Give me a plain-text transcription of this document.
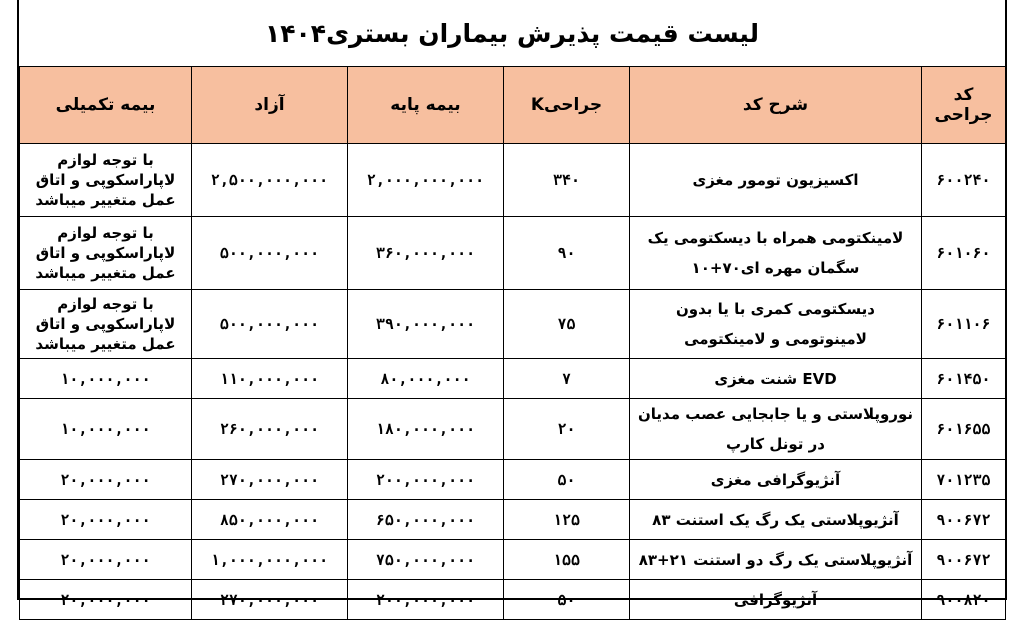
لیست قیمت پذیرش بیماران بستری۱۴۰۴
کد جراحی	شرح کد	جراحیK	بیمه پایه	آزاد	بیمه تکمیلی
۶۰۰۲۴۰	اکسیزیون تومور مغزی	۳۴۰	۲,۰۰۰,۰۰۰,۰۰۰	۲,۵۰۰,۰۰۰,۰۰۰	با توجه لوازم لاپاراسکوپی و اتاق عمل متغییر میباشد
۶۰۱۰۶۰	لامینکتومی همراه با دیسکتومی یک سگمان مهره ای۷۰+۱۰	۹۰	۳۶۰,۰۰۰,۰۰۰	۵۰۰,۰۰۰,۰۰۰	با توجه لوازم لاپاراسکوپی و اتاق عمل متغییر میباشد
۶۰۱۱۰۶	دیسکتومی کمری با یا بدون لامینوتومی و لامینکتومی	۷۵	۳۹۰,۰۰۰,۰۰۰	۵۰۰,۰۰۰,۰۰۰	با توجه لوازم لاپاراسکوپی و اتاق عمل متغییر میباشد
۶۰۱۴۵۰	EVD شنت مغزی	۷	۸۰,۰۰۰,۰۰۰	۱۱۰,۰۰۰,۰۰۰	۱۰,۰۰۰,۰۰۰
۶۰۱۶۵۵	نوروپلاستی و یا جابجایی عصب مدیان در تونل کارپ	۲۰	۱۸۰,۰۰۰,۰۰۰	۲۶۰,۰۰۰,۰۰۰	۱۰,۰۰۰,۰۰۰
۷۰۱۲۳۵	آنژیوگرافی مغزی	۵۰	۲۰۰,۰۰۰,۰۰۰	۲۷۰,۰۰۰,۰۰۰	۲۰,۰۰۰,۰۰۰
۹۰۰۶۷۲	آنژیوپلاستی یک رگ یک استنت ۸۳	۱۲۵	۶۵۰,۰۰۰,۰۰۰	۸۵۰,۰۰۰,۰۰۰	۲۰,۰۰۰,۰۰۰
۹۰۰۶۷۲	آنژیوپلاستی یک رگ دو استنت ۲۱+۸۳	۱۵۵	۷۵۰,۰۰۰,۰۰۰	۱,۰۰۰,۰۰۰,۰۰۰	۲۰,۰۰۰,۰۰۰
۹۰۰۸۲۰	آنژیوگرافی	۵۰	۲۰۰,۰۰۰,۰۰۰	۲۷۰,۰۰۰,۰۰۰	۲۰,۰۰۰,۰۰۰
